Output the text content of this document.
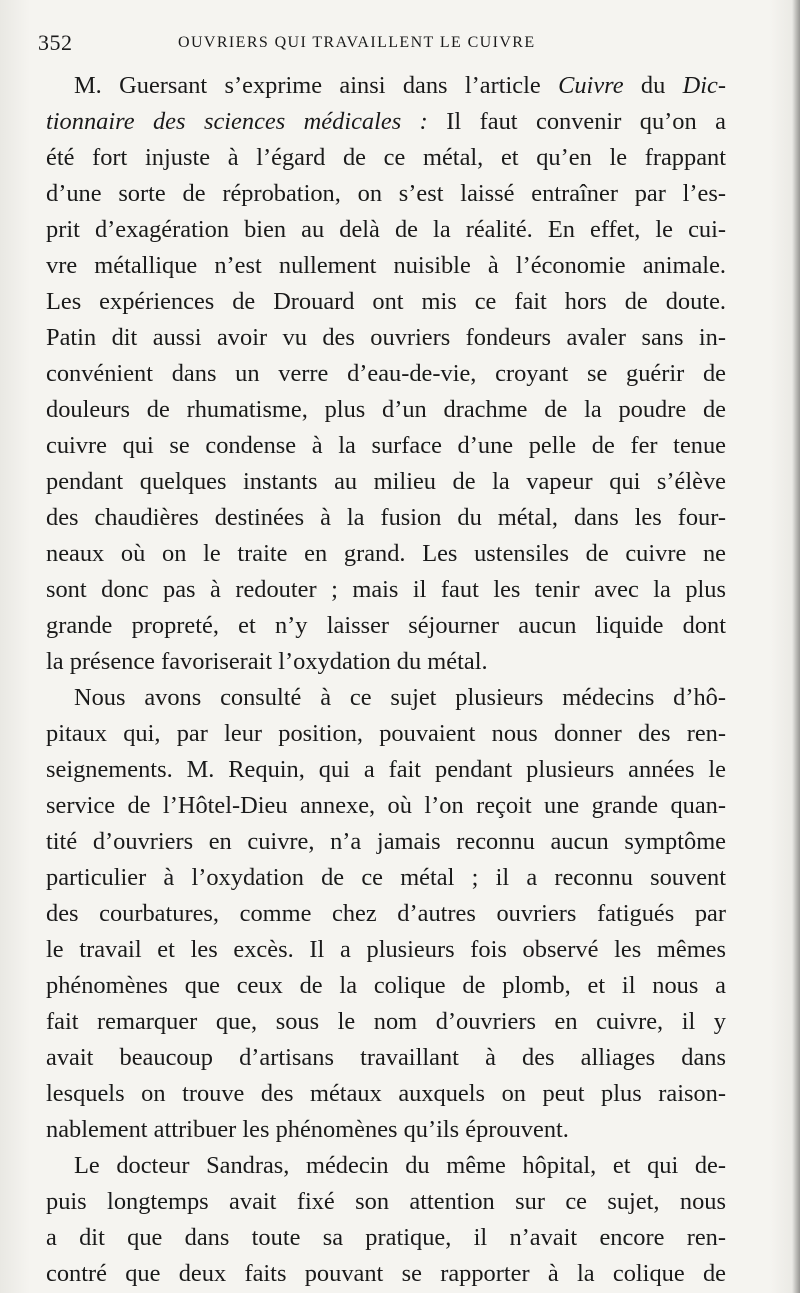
352	OUVRIERS QUI TRAVAILLENT LE CUIVRE
M. Guersant s’exprime ainsi dans l’article Cuivre du Dic-
tionnaire des sciences médicales : Il faut convenir qu’on a
été fort injuste à l’égard de ce métal, et qu’en le frappant
d’une sorte de réprobation, on s’est laissé entraîner par l’es-
prit d’exagération bien au delà de la réalité. En effet, le cui-
vre métallique n’est nullement nuisible à l’économie animale.
Les expériences de Drouard ont mis ce fait hors de doute.
Patin dit aussi avoir vu des ouvriers fondeurs avaler sans in-
convénient dans un verre d’eau-de-vie, croyant se guérir de
douleurs de rhumatisme, plus d’un drachme de la poudre de
cuivre qui se condense à la surface d’une pelle de fer tenue
pendant quelques instants au milieu de la vapeur qui s’élève
des chaudières destinées à la fusion du métal, dans les four-
neaux où on le traite en grand. Les ustensiles de cuivre ne
sont donc pas à redouter ; mais il faut les tenir avec la plus
grande propreté, et n’y laisser séjourner aucun liquide dont
la présence favoriserait l’oxydation du métal.
Nous avons consulté à ce sujet plusieurs médecins d’hô-
pitaux qui, par leur position, pouvaient nous donner des ren-
seignements. M. Requin, qui a fait pendant plusieurs années le
service de l’Hôtel-Dieu annexe, où l’on reçoit une grande quan-
tité d’ouvriers en cuivre, n’a jamais reconnu aucun symptôme
particulier à l’oxydation de ce métal ; il a reconnu souvent
des courbatures, comme chez d’autres ouvriers fatigués par
le travail et les excès. Il a plusieurs fois observé les mêmes
phénomènes que ceux de la colique de plomb, et il nous a
fait remarquer que, sous le nom d’ouvriers en cuivre, il y
avait beaucoup d’artisans travaillant à des alliages dans
lesquels on trouve des métaux auxquels on peut plus raison-
nablement attribuer les phénomènes qu’ils éprouvent.
Le docteur Sandras, médecin du même hôpital, et qui de-
puis longtemps avait fixé son attention sur ce sujet, nous
a dit que dans toute sa pratique, il n’avait encore ren-
contré que deux faits pouvant se rapporter à la colique de
